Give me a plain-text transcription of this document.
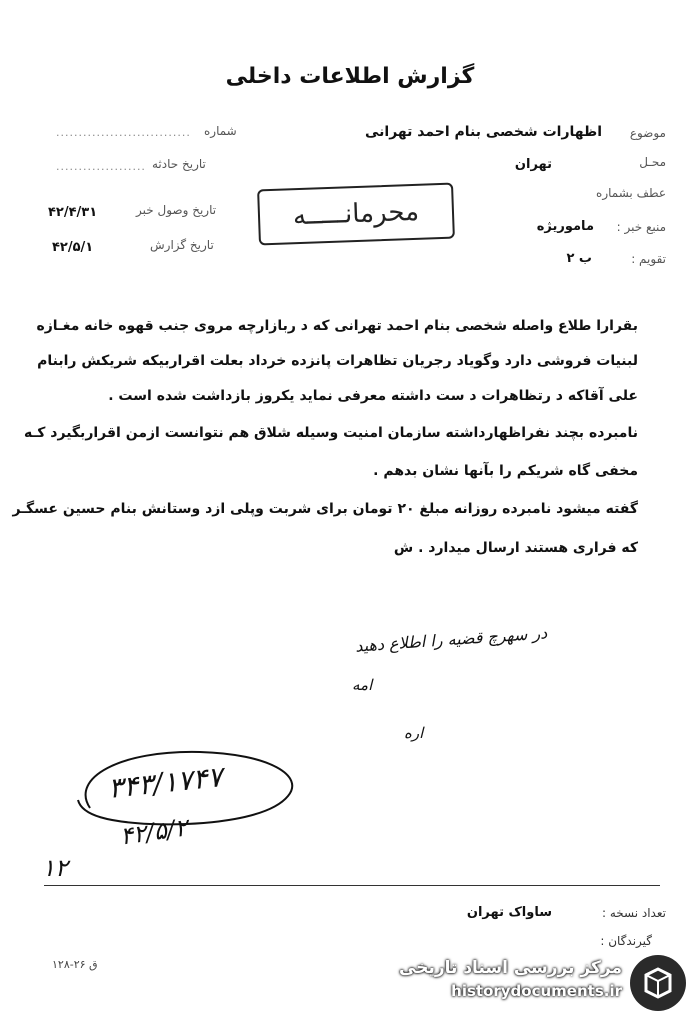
گزارش اطلاعات داخلی
موضوع
اظهارات شخصی بنام احمد تهرانی
محـل
تهران
عطف بشماره
منبع خبر :
ماموریژه
تقویم :
ب ۲
شماره
..............................
تاریخ حادثه
....................
تاریخ وصول خبر
۴۲/۴/۳۱
تاریخ گزارش
۴۲/۵/۱
محرمانـــــه
بقرارا طلاع واصله شخصی بنام احمد تهرانی که د ربازارچه مروی جنب قهوه خانه مغـازه
لبنیات فروشی دارد وگویاد رجریان تظاهرات پانزده خرداد بعلت اقراربیکه شریکش رابنام
علی آقاکه د رتظاهرات د ست داشته معرفی نماید یکروز بازداشت شده است .
نامبرده بچند نفراظهارداشته سازمان امنیت وسیله شلاق هم نتوانست ازمن اقراربگیرد کـه
مخفی گاه شریکم را بآنها نشان بدهم .
گفته میشود نامبرده روزانه مبلغ ۲۰ تومان برای شربت وپلی ازد وستانش بنام حسین عسگـر
که فراری هستند ارسال میدارد . ش
در سهرچ قضیه را اطلاع دهید
امه
اره
۳۴۳/۱۷۴۷
۴۲/۵/۲
۱۲
تعداد نسخه :
ساواک تهران
گیرندگان :
۱۲۸-۲۶ ق	مرکز بررسی اسناد تاریخی
historydocuments.ir
